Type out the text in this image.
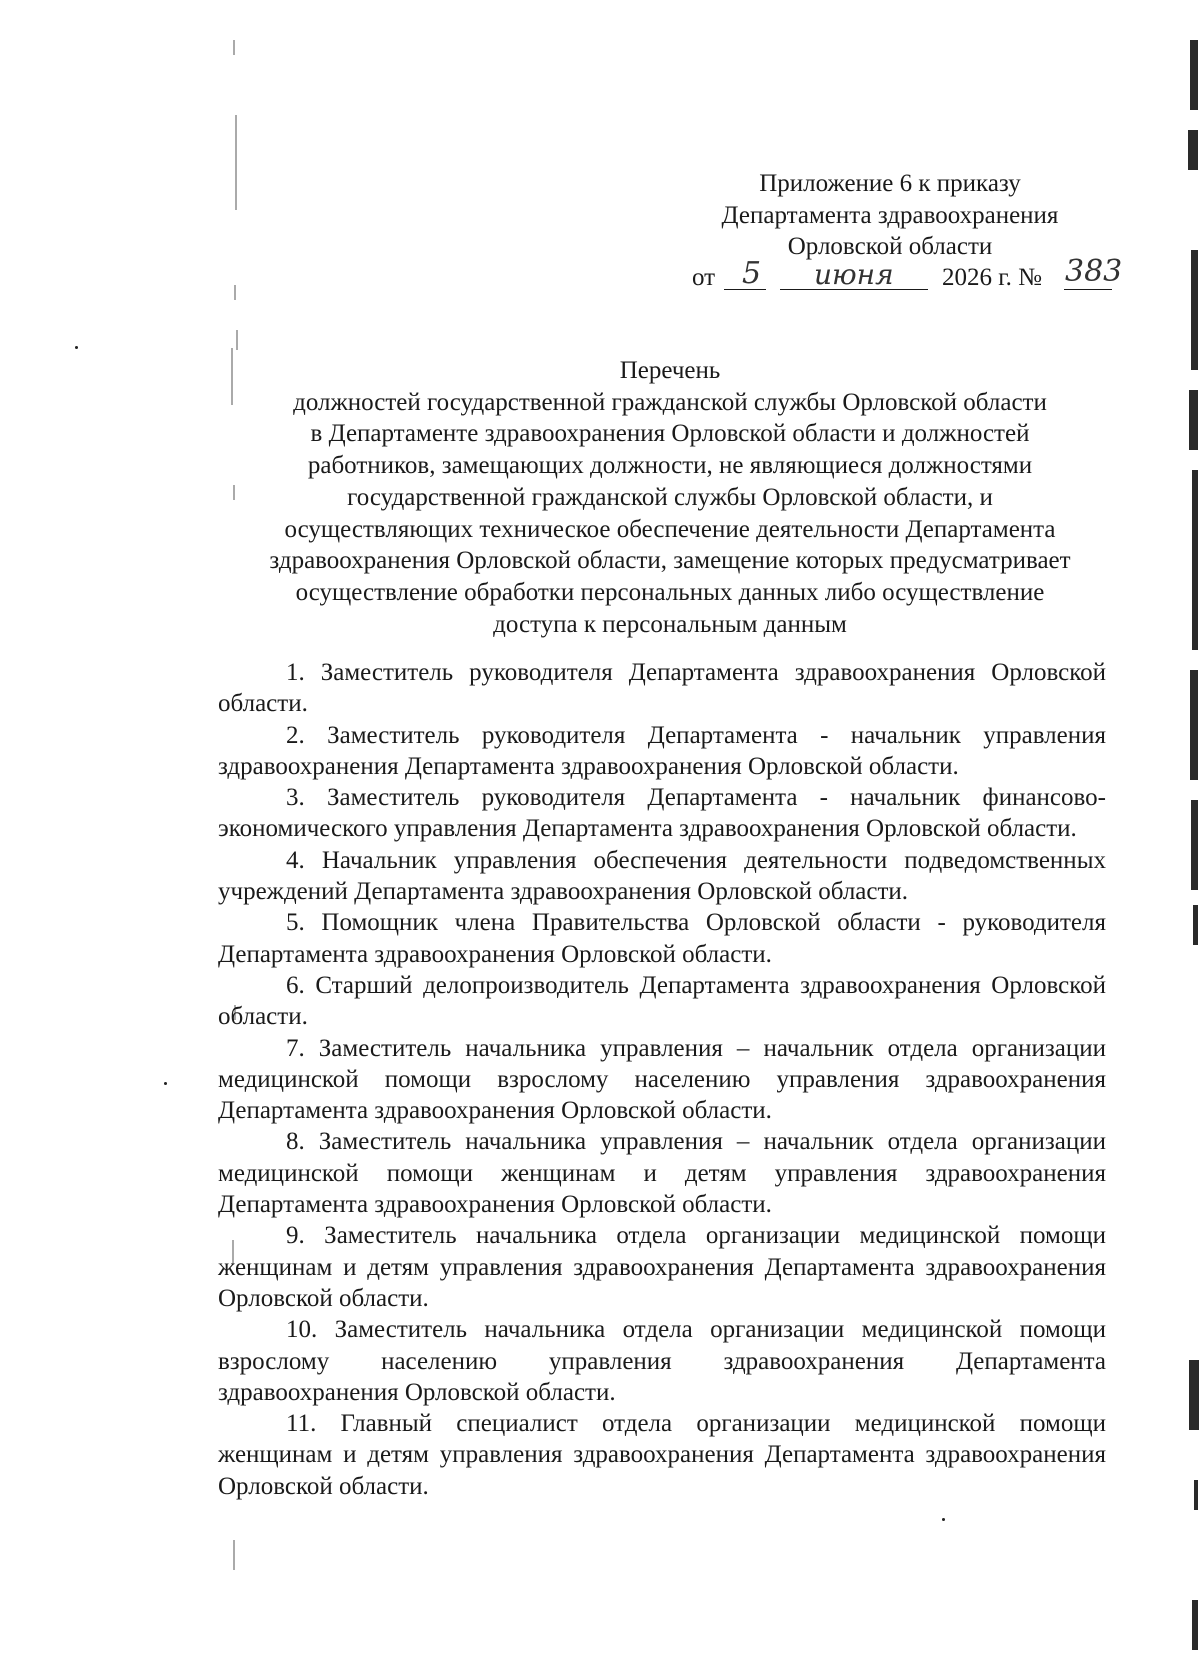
Приложение 6 к приказу
Департамента здравоохранения
Орловской области
от 5 июня 2026 г. № 383
Перечень
должностей государственной гражданской службы Орловской области
в Департаменте здравоохранения Орловской области и должностей
работников, замещающих должности, не являющиеся должностями
государственной гражданской службы Орловской области, и
осуществляющих техническое обеспечение деятельности Департамента
здравоохранения Орловской области, замещение которых предусматривает
осуществление обработки персональных данных либо осуществление
доступа к персональным данным

1. Заместитель руководителя Департамента здравоохранения Орловской области.

2. Заместитель руководителя Департамента - начальник управления здравоохранения Департамента здравоохранения Орловской области.

3. Заместитель руководителя Департамента - начальник финансово-экономического управления Департамента здравоохранения Орловской области.

4. Начальник управления обеспечения деятельности подведомственных учреждений Департамента здравоохранения Орловской области.

5. Помощник члена Правительства Орловской области - руководителя Департамента здравоохранения Орловской области.

6. Старший делопроизводитель Департамента здравоохранения Орловской области.

7. Заместитель начальника управления – начальник отдела организации медицинской помощи взрослому населению управления здравоохранения Департамента здравоохранения Орловской области.

8. Заместитель начальника управления – начальник отдела организации медицинской помощи женщинам и детям управления здравоохранения Департамента здравоохранения Орловской области.

9. Заместитель начальника отдела организации медицинской помощи женщинам и детям управления здравоохранения Департамента здравоохранения Орловской области.

10. Заместитель начальника отдела организации медицинской помощи взрослому населению управления здравоохранения Департамента здравоохранения Орловской области.

11. Главный специалист отдела организации медицинской помощи женщинам и детям управления здравоохранения Департамента здравоохранения Орловской области.
